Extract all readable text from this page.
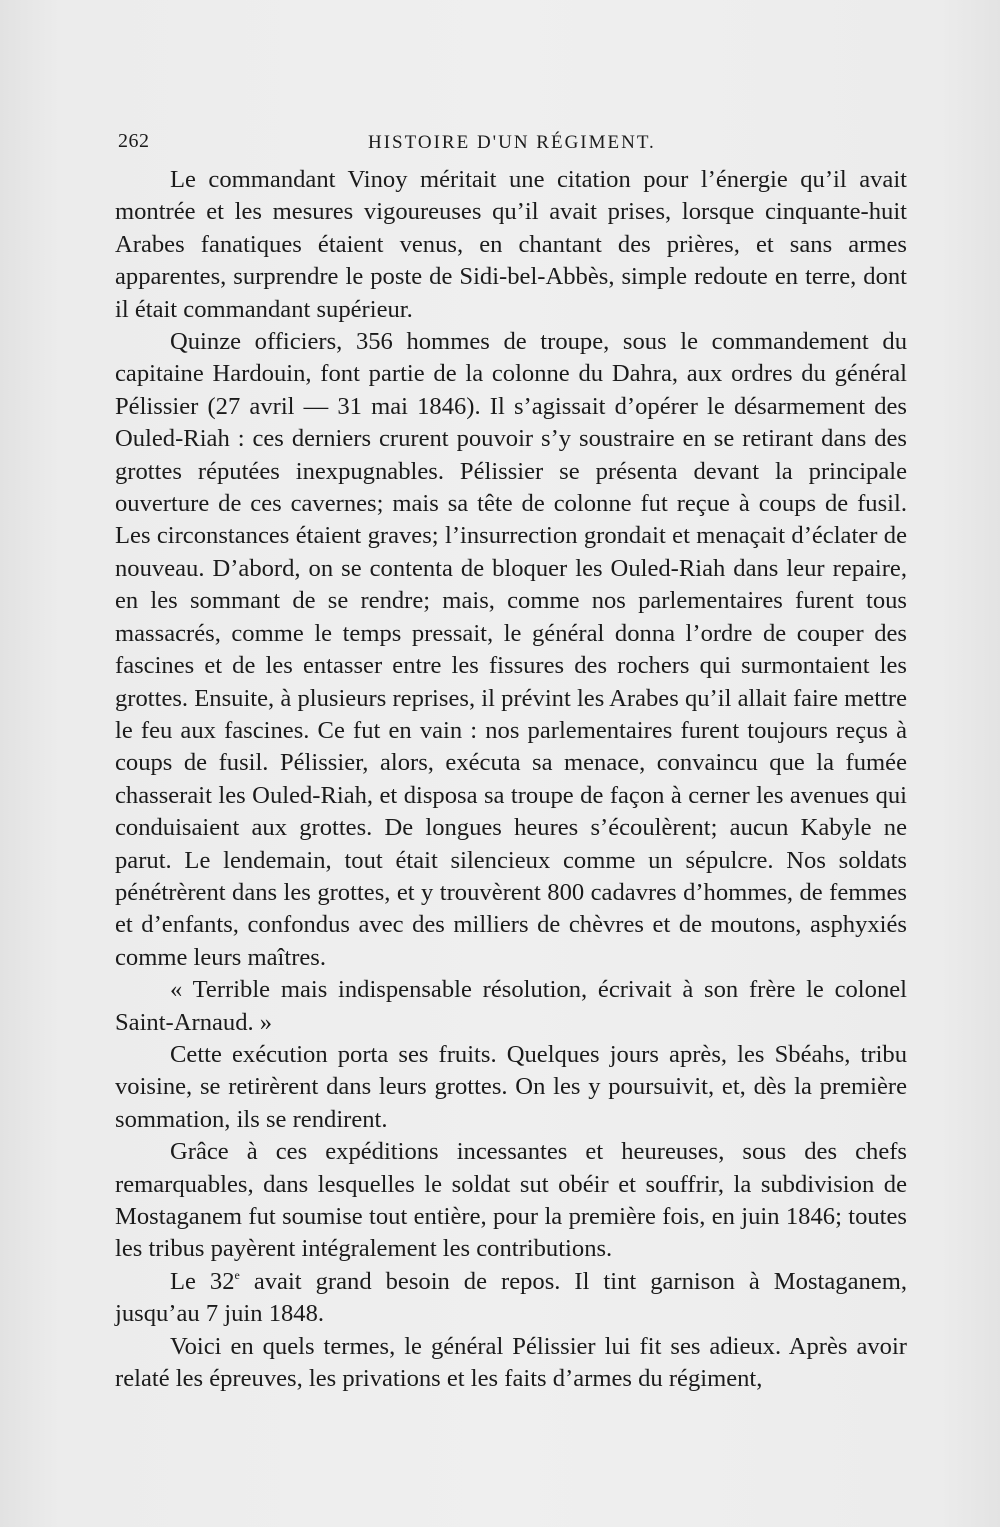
262	HISTOIRE D'UN RÉGIMENT.

Le commandant Vinoy méritait une citation pour l’énergie qu’il avait montrée et les mesures vigoureuses qu’il avait prises, lorsque cinquante-huit Arabes fanatiques étaient venus, en chantant des prières, et sans armes apparentes, surprendre le poste de Sidi-bel-Abbès, simple redoute en terre, dont il était commandant supérieur.

Quinze officiers, 356 hommes de troupe, sous le commandement du capitaine Hardouin, font partie de la colonne du Dahra, aux ordres du général Pélissier (27 avril — 31 mai 1846). Il s’agissait d’opérer le désarmement des Ouled-Riah : ces derniers crurent pouvoir s’y soustraire en se retirant dans des grottes réputées inexpugnables. Pélissier se présenta devant la principale ouverture de ces cavernes; mais sa tête de colonne fut reçue à coups de fusil. Les circonstances étaient graves; l’insurrection grondait et menaçait d’éclater de nouveau. D’abord, on se contenta de bloquer les Ouled-Riah dans leur repaire, en les sommant de se rendre; mais, comme nos parlementaires furent tous massacrés, comme le temps pressait, le général donna l’ordre de couper des fascines et de les entasser entre les fissures des rochers qui surmontaient les grottes. Ensuite, à plusieurs reprises, il prévint les Arabes qu’il allait faire mettre le feu aux fascines. Ce fut en vain : nos parlementaires furent toujours reçus à coups de fusil. Pélissier, alors, exécuta sa menace, convaincu que la fumée chasserait les Ouled-Riah, et disposa sa troupe de façon à cerner les avenues qui conduisaient aux grottes. De longues heures s’écoulèrent; aucun Kabyle ne parut. Le lendemain, tout était silencieux comme un sépulcre. Nos soldats pénétrèrent dans les grottes, et y trouvèrent 800 cadavres d’hommes, de femmes et d’enfants, confondus avec des milliers de chèvres et de moutons, asphyxiés comme leurs maîtres.

« Terrible mais indispensable résolution, écrivait à son frère le colonel Saint-Arnaud. »

Cette exécution porta ses fruits. Quelques jours après, les Sbéahs, tribu voisine, se retirèrent dans leurs grottes. On les y poursuivit, et, dès la première sommation, ils se rendirent.

Grâce à ces expéditions incessantes et heureuses, sous des chefs remarquables, dans lesquelles le soldat sut obéir et souffrir, la subdivision de Mostaganem fut soumise tout entière, pour la première fois, en juin 1846; toutes les tribus payèrent intégralement les contributions.

Le 32e avait grand besoin de repos. Il tint garnison à Mostaganem, jusqu’au 7 juin 1848.

Voici en quels termes, le général Pélissier lui fit ses adieux. Après avoir relaté les épreuves, les privations et les faits d’armes du régiment,
